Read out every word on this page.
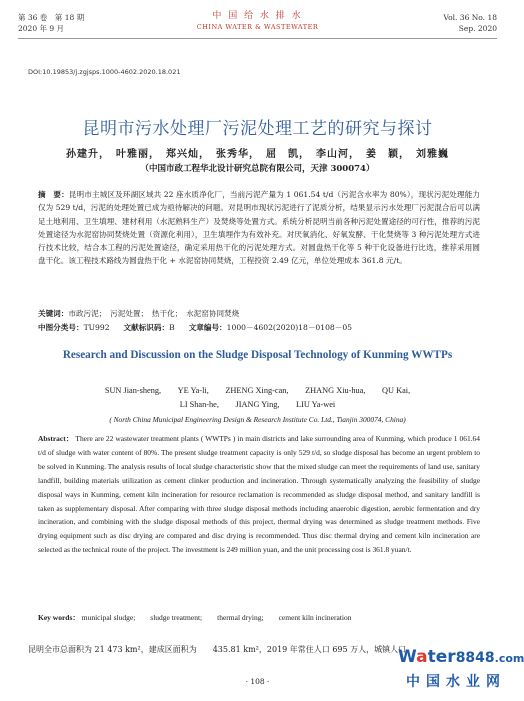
第 36 卷　第 18 期
2020 年 9 月
中 国 给 水 排 水
CHINA WATER & WASTEWATER
Vol. 36 No. 18
Sep. 2020
DOI:10.19853/j.zgjsps.1000-4602.2020.18.021
昆明市污水处理厂污泥处理工艺的研究与探讨
孙建升，　叶雅丽，　郑兴灿，　张秀华，　屈　凯，　李山河，　姜　颖，　刘雅巍
（中国市政工程华北设计研究总院有限公司，天津 300074）
摘　要：昆明市主城区及环湖区域共 22 座水质净化厂，当前污泥产量为 1 061.54 t/d（污泥含水率为 80%），现状污泥处理能力仅为 529 t/d，污泥的处理处置已成为亟待解决的问题。对昆明市现状污泥进行了泥质分析，结果显示污水处理厂污泥混合后可以满足土地利用、卫生填埋、建材利用（水泥熟料生产）及焚烧等处置方式。系统分析昆明当前各种污泥处置途径的可行性，推荐的污泥处置途径为水泥窑协同焚烧处置（资源化利用），卫生填埋作为有效补充。对厌氧消化、好氧发酵、干化焚烧等 3 种污泥处理方式进行技术比较，结合本工程的污泥处置途径，确定采用热干化的污泥处理方式。对圆盘热干化等 5 种干化设备进行比选，推荐采用圆盘干化。该工程技术路线为圆盘热干化 + 水泥窑协同焚烧，工程投资 2.49 亿元，单位处理成本 361.8 元/t。
关键词：市政污泥；　污泥处置；　热干化；　水泥窑协同焚烧
中图分类号：TU992 文献标识码：B 文章编号：1000－4602(2020)18－0108－05
Research and Discussion on the Sludge Disposal Technology of Kunming WWTPs
SUN Jian-sheng,　　YE Ya-li,　　ZHENG Xing-can,　　ZHANG Xiu-hua,　　QU Kai,
LI Shan-he,　　JIANG Ying,　　LIU Ya-wei
( North China Municipal Engineering Design & Research Institute Co. Ltd., Tianjin 300074, China)
Abstract： There are 22 wastewater treatment plants ( WWTPs ) in main districts and lake surrounding area of Kunming, which produce 1 061.64 t/d of sludge with water content of 80%. The present sludge treatment capacity is only 529 t/d, so sludge disposal has become an urgent problem to be solved in Kunming. The analysis results of local sludge characteristic show that the mixed sludge can meet the requirements of land use, sanitary landfill, building materials utilization as cement clinker production and incineration. Through systematically analyzing the feasibility of sludge disposal ways in Kunming, cement kiln incineration for resource reclamation is recommended as sludge disposal method, and sanitary landfill is taken as supplementary disposal. After comparing with three sludge disposal methods including anaerobic digestion, aerobic fermentation and dry incineration, and combining with the sludge disposal methods of this project, thermal drying was determined as sludge treatment methods. Five drying equipment such as disc drying are compared and disc drying is recommended. Thus disc thermal drying and cement kiln incineration are selected as the technical route of the project. The investment is 249 million yuan, and the unit processing cost is 361.8 yuan/t.
Key words： municipal sludge;　　sludge treatment;　　thermal drying;　　cement kiln incineration
昆明全市总面积为 21 473 km²，建成区面积为　　435.81 km²，2019 年常住人口 695 万人，城镇人口
· 108 ·
Water8848.com
中国水业网
